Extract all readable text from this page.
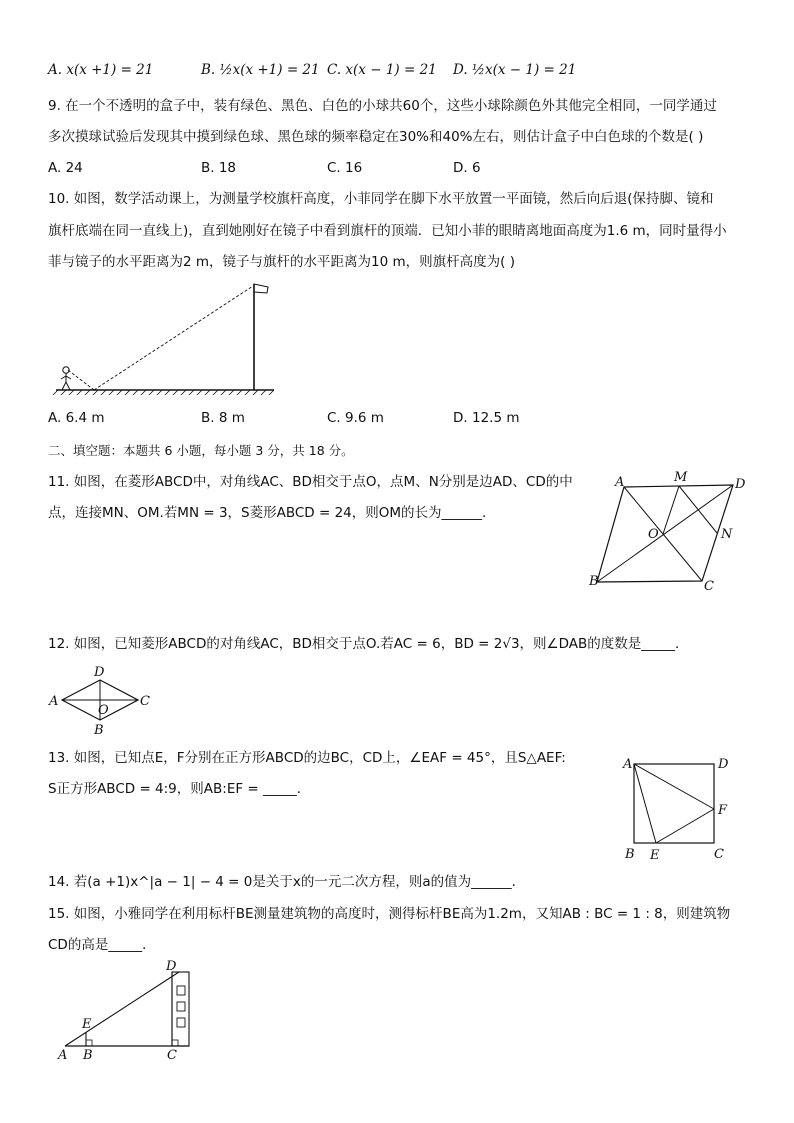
A. x(x +1) = 21	B. ½x(x +1) = 21 C. x(x − 1) = 21 D. ½x(x − 1) = 21
9. 在一个不透明的盒子中，装有绿色、黑色、白色的小球共60个，这些小球除颜色外其他完全相同，一同学通过
多次摸球试验后发现其中摸到绿色球、黑色球的频率稳定在30%和40%左右，则估计盒子中白色球的个数是( )
A. 24	B. 18	C. 16	D. 6
10. 如图，数学活动课上，为测量学校旗杆高度，小菲同学在脚下水平放置一平面镜，然后向后退(保持脚、镜和
旗杆底端在同一直线上)，直到她刚好在镜子中看到旗杆的顶端．已知小菲的眼睛离地面高度为1.6 m，同时量得小
菲与镜子的水平距离为2 m，镜子与旗杆的水平距离为10 m，则旗杆高度为( )
A. 6.4 m	B. 8 m	C. 9.6 m	D. 12.5 m
二、填空题：本题共 6 小题，每小题 3 分，共 18 分。
11. 如图，在菱形ABCD中，对角线AC、BD相交于点O，点M、N分别是边AD、CD的中
点，连接MN、OM.若MN = 3，S菱形ABCD = 24，则OM的长为______．
A	M	D
O	N
B	C
12. 如图，已知菱形ABCD的对角线AC，BD相交于点O.若AC = 6，BD = 2√3，则∠DAB的度数是_____．
A
D
C
O
B
13. 如图，已知点E，F分别在正方形ABCD的边BC，CD上，∠EAF = 45°，且S△AEF:
S正方形ABCD = 4:9，则AB:EF = _____．
A	D
F
B E	C
14. 若(a +1)x^|a − 1| − 4 = 0是关于x的一元二次方程，则a的值为______．
15. 如图，小雅同学在利用标杆BE测量建筑物的高度时，测得标杆BE高为1.2m，又知AB : BC = 1 : 8，则建筑物
CD的高是_____．
D
E
A B	C
